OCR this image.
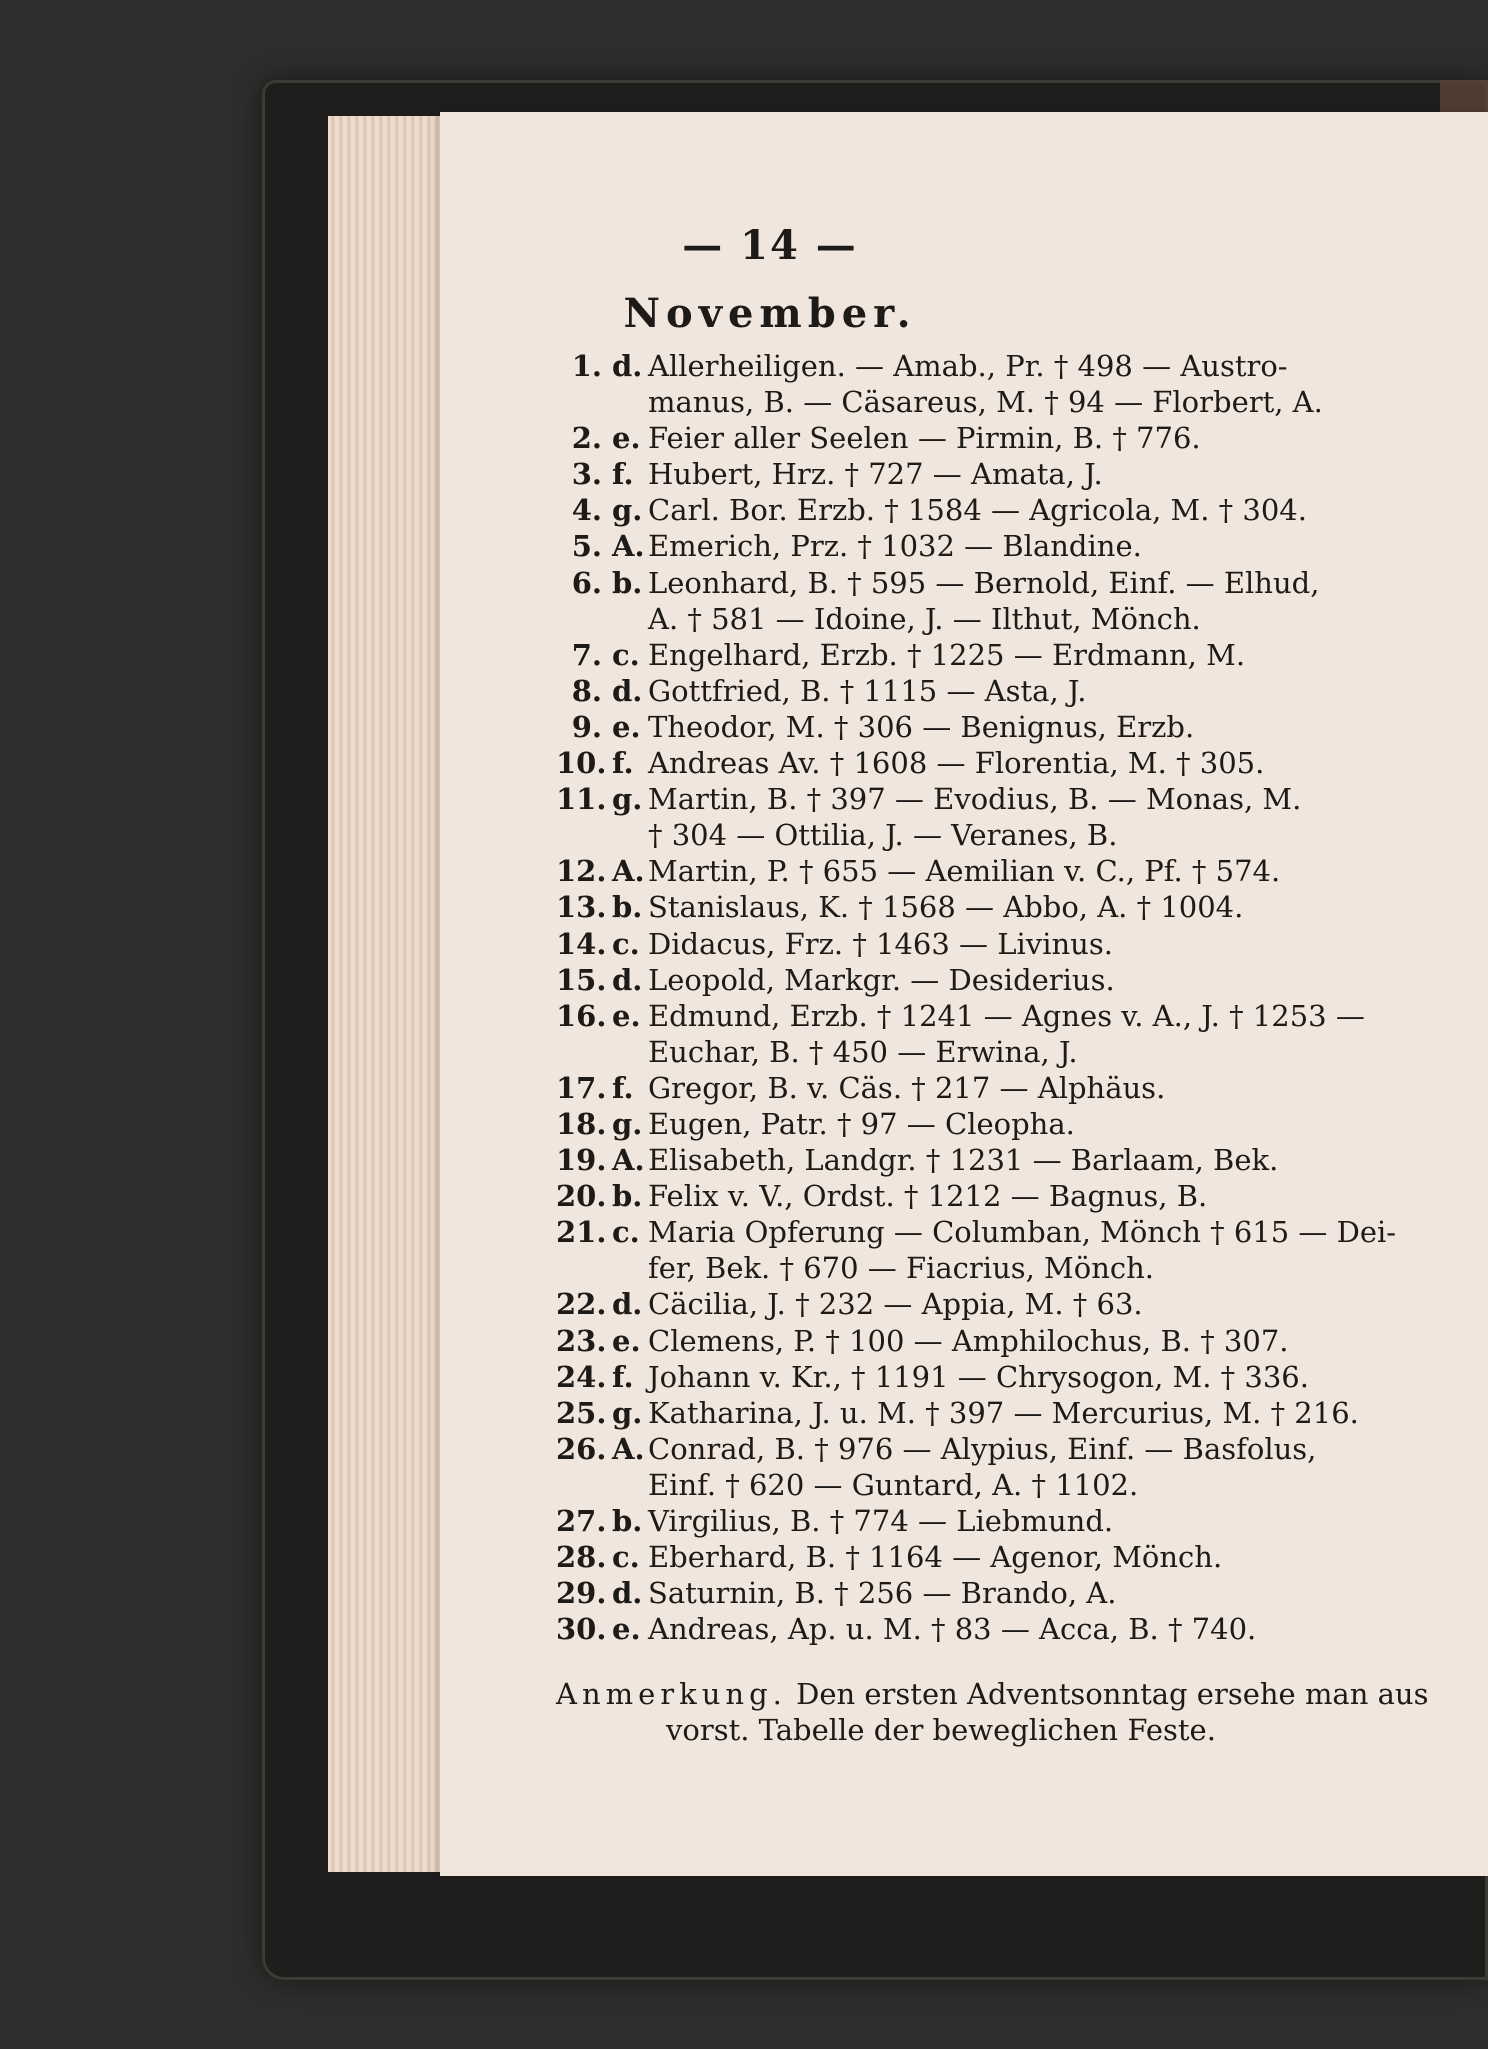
— 14 —
November.
1. d. Allerheiligen. — Amab., Pr. † 498 — Austro-
manus, B. — Cäsareus, M. † 94 — Florbert, A.
2. e. Feier aller Seelen — Pirmin, B. † 776.
3. f. Hubert, Hrz. † 727 — Amata, J.
4. g. Carl. Bor. Erzb. † 1584 — Agricola, M. † 304.
5. A. Emerich, Prz. † 1032 — Blandine.
6. b. Leonhard, B. † 595 — Bernold, Einf. — Elhud,
A. † 581 — Idoine, J. — Ilthut, Mönch.
7. c. Engelhard, Erzb. † 1225 — Erdmann, M.
8. d. Gottfried, B. † 1115 — Asta, J.
9. e. Theodor, M. † 306 — Benignus, Erzb.
10. f. Andreas Av. † 1608 — Florentia, M. † 305.
11. g. Martin, B. † 397 — Evodius, B. — Monas, M.
† 304 — Ottilia, J. — Veranes, B.
12. A. Martin, P. † 655 — Aemilian v. C., Pf. † 574.
13. b. Stanislaus, K. † 1568 — Abbo, A. † 1004.
14. c. Didacus, Frz. † 1463 — Livinus.
15. d. Leopold, Markgr. — Desiderius.
16. e. Edmund, Erzb. † 1241 — Agnes v. A., J. † 1253 —
Euchar, B. † 450 — Erwina, J.
17. f. Gregor, B. v. Cäs. † 217 — Alphäus.
18. g. Eugen, Patr. † 97 — Cleopha.
19. A. Elisabeth, Landgr. † 1231 — Barlaam, Bek.
20. b. Felix v. V., Ordst. † 1212 — Bagnus, B.
21. c. Maria Opferung — Columban, Mönch † 615 — Dei-
fer, Bek. † 670 — Fiacrius, Mönch.
22. d. Cäcilia, J. † 232 — Appia, M. † 63.
23. e. Clemens, P. † 100 — Amphilochus, B. † 307.
24. f. Johann v. Kr., † 1191 — Chrysogon, M. † 336.
25. g. Katharina, J. u. M. † 397 — Mercurius, M. † 216.
26. A. Conrad, B. † 976 — Alypius, Einf. — Basfolus,
Einf. † 620 — Guntard, A. † 1102.
27. b. Virgilius, B. † 774 — Liebmund.
28. c. Eberhard, B. † 1164 — Agenor, Mönch.
29. d. Saturnin, B. † 256 — Brando, A.
30. e. Andreas, Ap. u. M. † 83 — Acca, B. † 740.
Anmerkung. Den ersten Adventsonntag ersehe man aus
vorst. Tabelle der beweglichen Feste.
